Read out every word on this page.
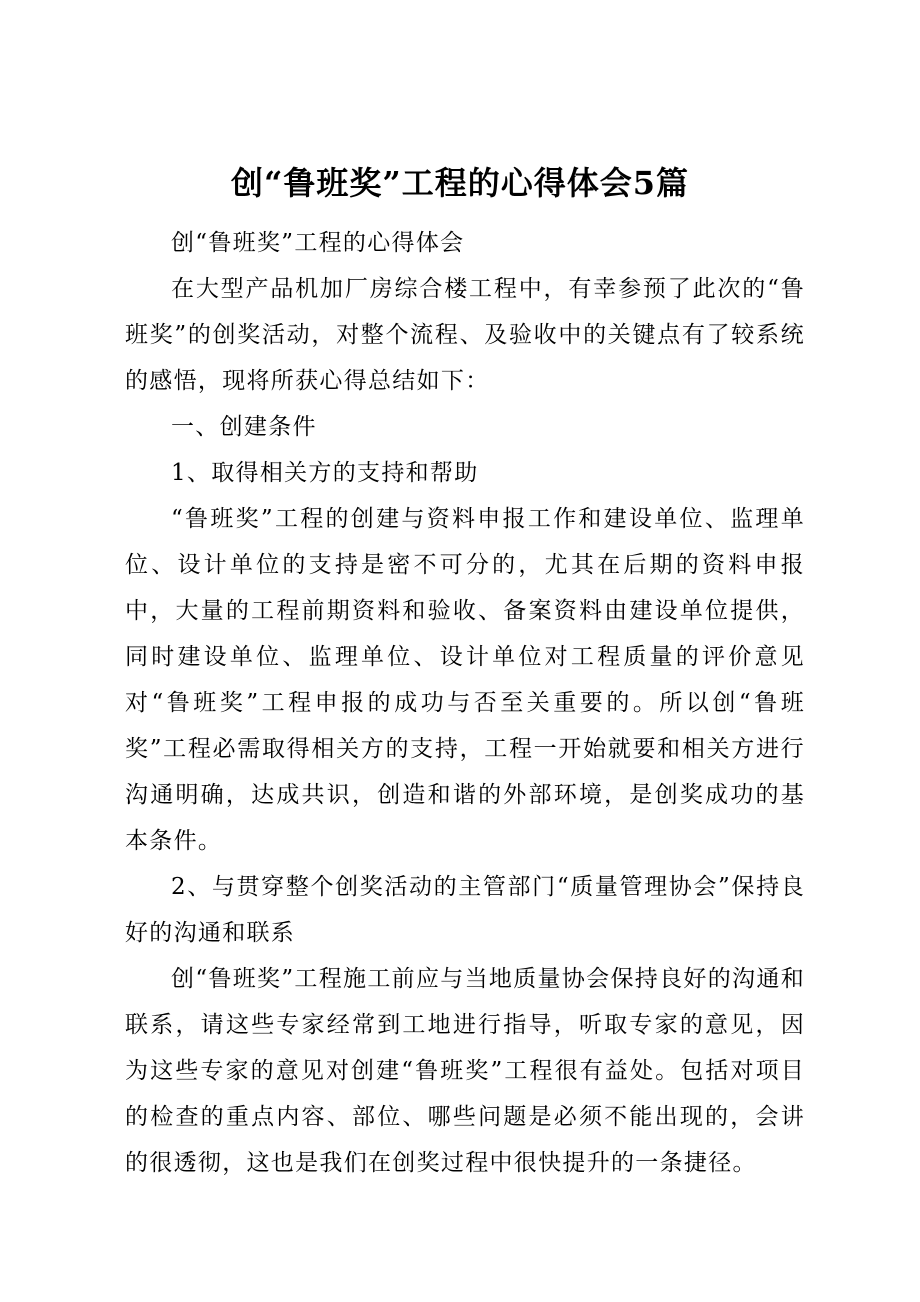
创“鲁班奖”工程的心得体会5篇

创“鲁班奖”工程的心得体会

在大型产品机加厂房综合楼工程中，有幸参预了此次的“鲁班奖”的创奖活动，对整个流程、及验收中的关键点有了较系统的感悟，现将所获心得总结如下：

一、创建条件

1、取得相关方的支持和帮助

“鲁班奖”工程的创建与资料申报工作和建设单位、监理单位、设计单位的支持是密不可分的，尤其在后期的资料申报中，大量的工程前期资料和验收、备案资料由建设单位提供，同时建设单位、监理单位、设计单位对工程质量的评价意见对“鲁班奖”工程申报的成功与否至关重要的。所以创“鲁班奖”工程必需取得相关方的支持，工程一开始就要和相关方进行沟通明确，达成共识，创造和谐的外部环境，是创奖成功的基本条件。

2、与贯穿整个创奖活动的主管部门“质量管理协会”保持良好的沟通和联系

创“鲁班奖”工程施工前应与当地质量协会保持良好的沟通和联系，请这些专家经常到工地进行指导，听取专家的意见，因为这些专家的意见对创建“鲁班奖”工程很有益处。包括对项目的检查的重点内容、部位、哪些问题是必须不能出现的，会讲的很透彻，这也是我们在创奖过程中很快提升的一条捷径。
